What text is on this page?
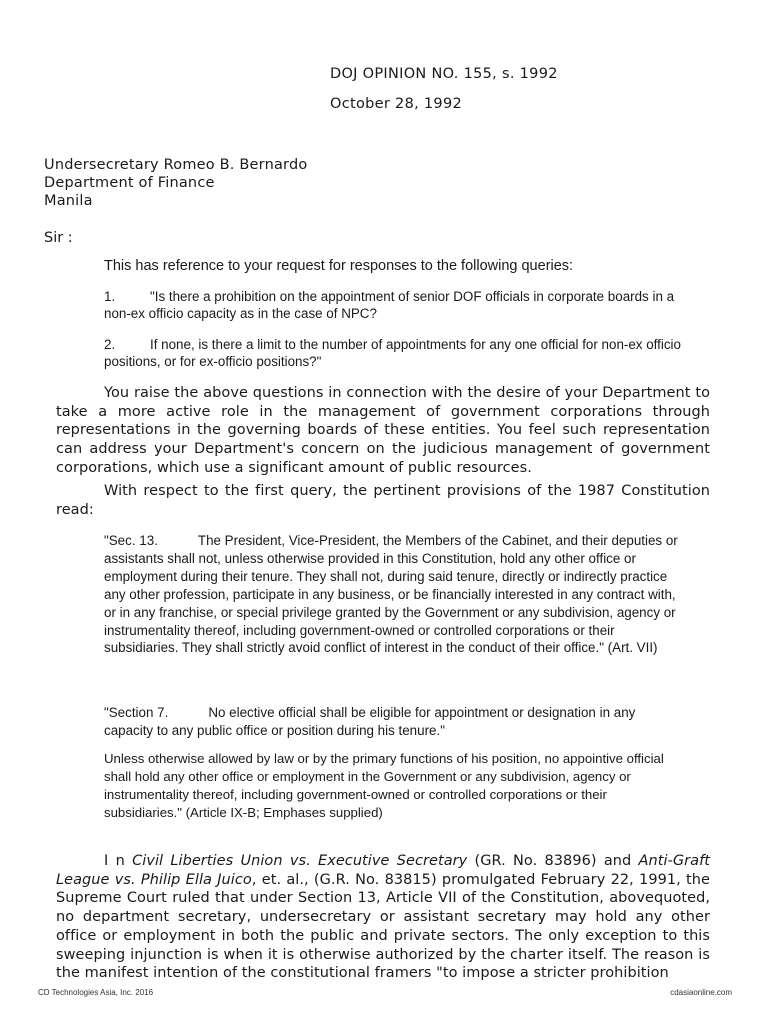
DOJ OPINION NO. 155, s. 1992
October 28, 1992
Undersecretary Romeo B. Bernardo
Department of Finance
Manila
Sir :
This has reference to your request for responses to the following queries:
1.	"Is there a prohibition on the appointment of senior DOF officials in corporate boards in a non-ex officio capacity as in the case of NPC?
2.	If none, is there a limit to the number of appointments for any one official for non-ex officio positions, or for ex-officio positions?"
You raise the above questions in connection with the desire of your Department to take a more active role in the management of government corporations through representations in the governing boards of these entities. You feel such representation can address your Department's concern on the judicious management of government corporations, which use a significant amount of public resources.
With respect to the first query, the pertinent provisions of the 1987 Constitution read:
"Sec. 13.	The President, Vice-President, the Members of the Cabinet, and their deputies or assistants shall not, unless otherwise provided in this Constitution, hold any other office or employment during their tenure. They shall not, during said tenure, directly or indirectly practice any other profession, participate in any business, or be financially interested in any contract with, or in any franchise, or special privilege granted by the Government or any subdivision, agency or instrumentality thereof, including government-owned or controlled corporations or their subsidiaries. They shall strictly avoid conflict of interest in the conduct of their office." (Art. VII)
"Section 7.	No elective official shall be eligible for appointment or designation in any capacity to any public office or position during his tenure."
Unless otherwise allowed by law or by the primary functions of his position, no appointive official shall hold any other office or employment in the Government or any subdivision, agency or instrumentality thereof, including government-owned or controlled corporations or their subsidiaries." (Article IX-B; Emphases supplied)
I n Civil Liberties Union vs. Executive Secretary (GR. No. 83896) and Anti-Graft League vs. Philip Ella Juico, et. al., (G.R. No. 83815) promulgated February 22, 1991, the Supreme Court ruled that under Section 13, Article VII of the Constitution, abovequoted, no department secretary, undersecretary or assistant secretary may hold any other office or employment in both the public and private sectors. The only exception to this sweeping injunction is when it is otherwise authorized by the charter itself. The reason is the manifest intention of the constitutional framers "to impose a stricter prohibition
CD Technologies Asia, Inc. 2016	cdasiaonline.com
